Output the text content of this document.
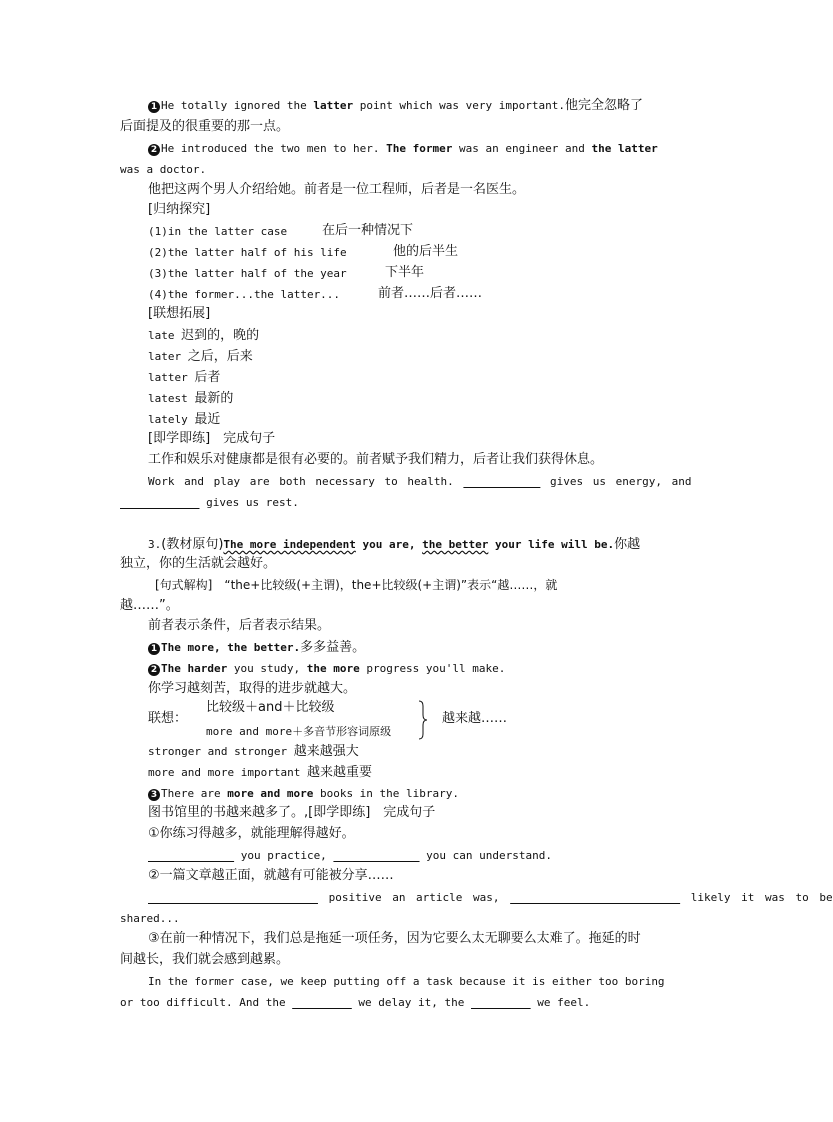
1 He totally ignored the latter point which was very important.他完全忽略了
后面提及的很重要的那一点。
2 He introduced the two men to her. The former was an engineer and the latter
was a doctor.
他把这两个男人介绍给她。前者是一位工程师，后者是一名医生。
[归纳探究]
(1)in the latter case	在后一种情况下
(2)the latter half of his life	他的后半生
(3)the latter half of the year	下半年
(4)the former...the latter...	前者……后者……
[联想拓展]
late 迟到的，晚的
later 之后，后来
latter 后者
latest 最新的
lately 最近
[即学即练]　完成句子
工作和娱乐对健康都是很有必要的。前者赋予我们精力，后者让我们获得休息。
Work and play are both necessary to health.	gives us energy, and
gives us rest.
3.(教材原句)The more independent you are, the better your life will be.你越
独立，你的生活就会越好。
[句式解构]　“the+比较级(+主谓)，the+比较级(+主谓)”表示“越……，就
越……”。
前者表示条件，后者表示结果。
1 The more, the better.多多益善。
2 The harder you study, the more progress you'll make.
你学习越刻苦，取得的进步就越大。
联想：
比较级＋and＋比较级
more and more＋多音节形容词原级
越来越……
stronger and stronger 越来越强大
more and more important 越来越重要
3 There are more and more books in the library.
图书馆里的书越来越多了。,[即学即练]　完成句子
①你练习得越多，就能理解得越好。
you practice,	you can understand.
②一篇文章越正面，就越有可能被分享……
positive an article was,	likely it was to be
shared...
③在前一种情况下，我们总是拖延一项任务，因为它要么太无聊要么太难了。拖延的时
间越长，我们就会感到越累。
In the former case, we keep putting off a task because it is either too boring
or too difficult. And the	we delay it, the	we feel.
